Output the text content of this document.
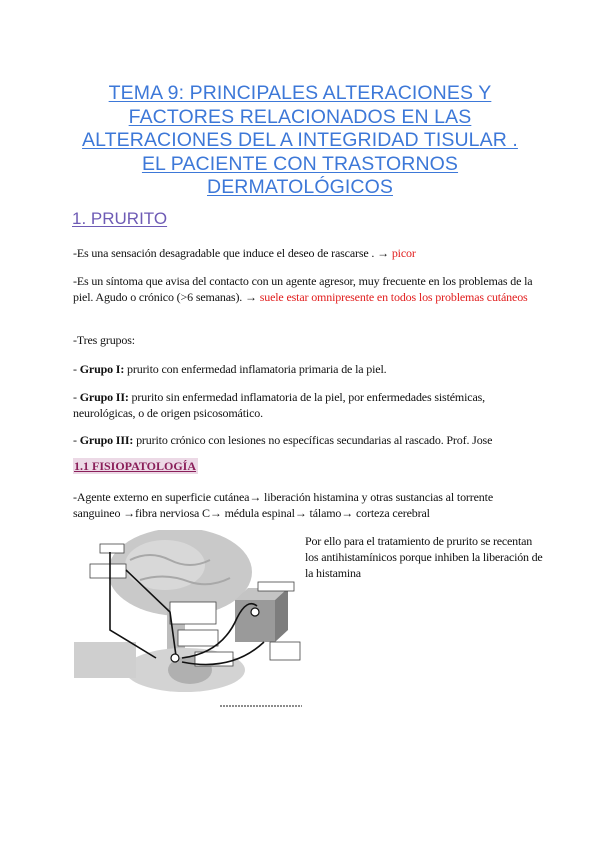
TEMA 9: PRINCIPALES ALTERACIONES Y
FACTORES RELACIONADOS EN LAS
ALTERACIONES DEL A INTEGRIDAD TISULAR .
EL PACIENTE CON TRASTORNOS
DERMATOLÓGICOS
1. PRURITO
-Es una sensación desagradable que induce el deseo de rascarse . → picor
-Es un síntoma que avisa del contacto con un agente agresor, muy frecuente en los problemas de la piel. Agudo o crónico (>6 semanas). → suele estar omnipresente en todos los problemas cutáneos
-Tres grupos:
- Grupo I: prurito con enfermedad inflamatoria primaria de la piel.
- Grupo II: prurito sin enfermedad inflamatoria de la piel, por enfermedades sistémicas, neurológicas, o de origen psicosomático.
- Grupo III: prurito crónico con lesiones no específicas secundarias al rascado. Prof. Jose
1.1 FISIOPATOLOGÍA
-Agente externo en superficie cutánea→ liberación histamina y otras sustancias al torrente sanguineo →fibra nerviosa C→ médula espinal→ tálamo→ corteza cerebral
Por ello para el tratamiento de prurito se recentan los antihistamínicos porque inhiben la liberación de la histamina
